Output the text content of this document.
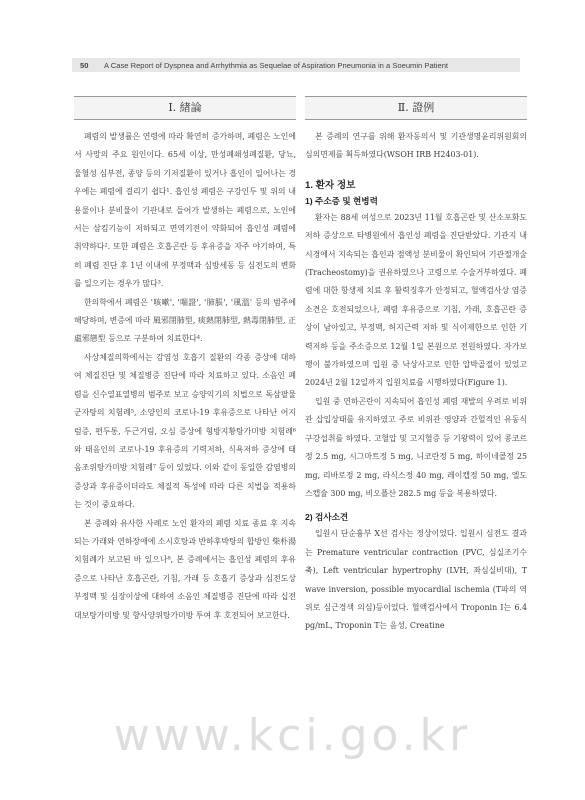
50	A Case Report of Dyspnea and Arrhythmia as Sequelae of Aspiration Pneumonia in a Soeumin Patient
Ⅰ. 緖論

폐렴의 발생률은 연령에 따라 확연히 증가하며, 폐렴은 노인에서 사망의 주요 원인이다. 65세 이상, 만성폐쇄성폐질환, 당뇨, 울혈성 심부전, 종양 등의 기저질환이 있거나 흡인이 일어나는 경우에는 폐렴에 걸리기 쉽다¹. 흡인성 폐렴은 구강인두 및 위의 내용물이나 분비물이 기관내로 들어가 발생하는 폐렴으로, 노인에서는 삼킴기능이 저하되고 면역기전이 약화되어 흡인성 폐렴에 취약하다². 또한 폐렴은 호흡곤란 등 후유증을 자주 야기하며, 특히 폐렴 진단 후 1년 이내에 부정맥과 심방세동 등 심전도의 변화를 일으키는 경우가 많다³.

한의학에서 폐렴은 '咳嗽', '喘證', '肺脹', '風溫' 등의 범주에 해당하며, 변증에 따라 風邪閉肺型, 痰熱閉肺型, 熱毒閉肺型, 正虛邪戀型 등으로 구분하여 치료한다⁴.

사상체질의학에서는 감염성 호흡기 질환의 각종 증상에 대하여 체질진단 및 체질병증 진단에 따라 치료하고 있다. 소음인 폐렴을 신수열표열병의 범주로 보고 승양익기의 치법으로 독삼팔물군자탕의 치험례⁵, 소양인의 코로나-19 후유증으로 나타난 어지럼증, 편두통, 두근거림, 오심 증상에 형방지황탕가미방 치험례⁶와 태음인의 코로나-19 후유증의 기력저하, 식욕저하 증상에 태음조위탕가미방 치험례⁷ 등이 있었다. 이와 같이 동일한 감염병의 증상과 후유증이더라도 체질적 특성에 따라 다른 치법을 적용하는 것이 중요하다.

본 증례와 유사한 사례로 노인 환자의 폐렴 치료 종료 후 지속되는 가래와 연하장애에 소시호탕과 반하후박탕의 합방인 柴朴湯 치험례가 보고된 바 있으나⁸, 본 증례에서는 흡인성 폐렴의 후유증으로 나타난 호흡곤란, 기침, 가래 등 호흡기 증상과 심전도상 부정맥 및 심장이상에 대하여 소음인 체질병증 진단에 따라 십전대보탕가미방 및 향사양위탕가미방 투여 후 호전되어 보고한다.

Ⅱ. 證例

본 증례의 연구를 위해 환자동의서 및 기관생명윤리위원회의 심의면제를 획득하였다(WSOH IRB H2403-01).

1. 환자 정보
1) 주소증 및 현병력

환자는 88세 여성으로 2023년 11월 호흡곤란 및 산소포화도 저하 증상으로 타병원에서 흡인성 폐렴을 진단받았다. 기관지 내시경에서 지속되는 흡인과 점액성 분비물이 확인되어 기관절개술(Tracheostomy)을 권유하였으나 고령으로 수술거부하였다. 폐렴에 대한 항생제 치료 후 활력징후가 안정되고, 혈액검사상 염증소견은 호전되었으나, 폐렴 후유증으로 기침, 가래, 호흡곤란 증상이 남아있고, 부정맥, 허지근력 저하 및 식이제한으로 인한 기력저하 등을 주소증으로 12월 1일 본원으로 전원하였다. 자가보행이 불가하였으며 입원 중 낙상사고로 인한 압박골절이 있었고 2024년 2월 12일까지 입원치료를 시행하였다(Figure 1).

입원 중 연하곤란이 지속되어 흡인성 폐렴 재발의 우려로 비위관 삽입상태를 유지하였고 주로 비위관 영양과 간헐적인 유동식 구강섭취를 하였다. 고혈압 및 고지혈증 등 기왕력이 있어 콩코르정 2.5 mg, 시그마트정 5 mg, 니코란정 5 mg, 하이네콜정 25 mg, 리바로정 2 mg, 라식스정 40 mg, 레이캡정 50 mg, 엘도스캡슐 300 mg, 비오플산 282.5 mg 등을 복용하였다.

2) 검사소견

입원시 단순흉부 X선 검사는 정상이었다. 입원시 심전도 결과는 Premature ventricular contraction (PVC, 심실조기수축), Left ventricular hypertrophy (LVH, 좌심실비대), T wave inversion, possible myocardial ischemia (T파의 역위로 심근경색 의심)등이었다. 혈액검사에서 Troponin I는 6.4 pg/mL, Troponin T는 음성, Creatine

www.kci.go.kr
